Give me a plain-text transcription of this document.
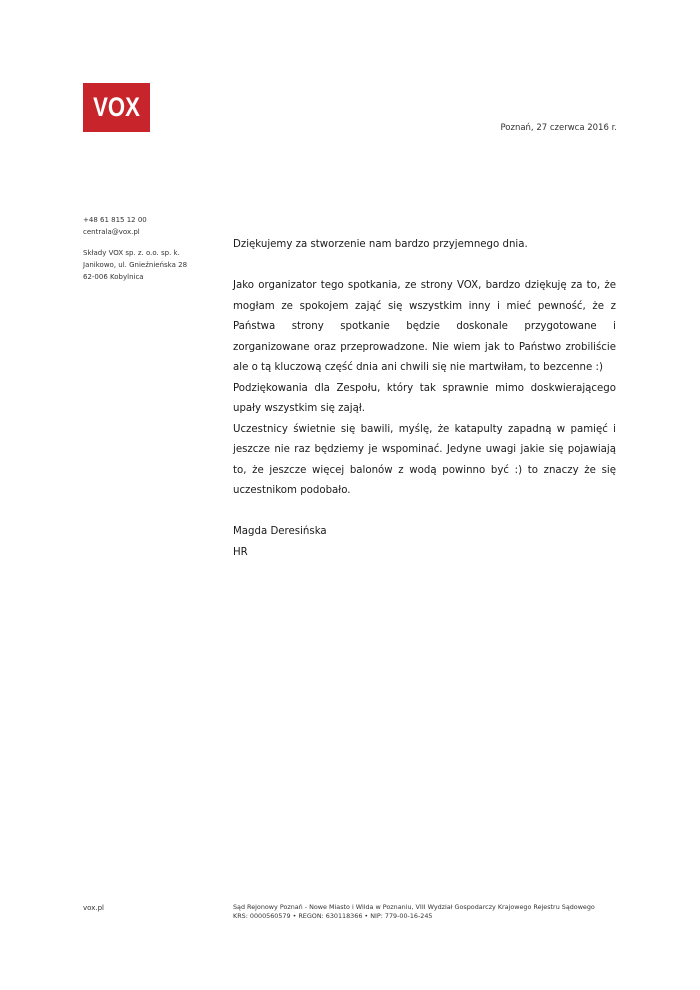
VOX
Poznań, 27 czerwca 2016 r.
+48 61 815 12 00
centrala@vox.pl
Składy VOX sp. z. o.o. sp. k.
Janikowo, ul. Gnieźnieńska 28
62-006 Kobylnica

Dziękujemy za stworzenie nam bardzo przyjemnego dnia.

Jako organizator tego spotkania, ze strony VOX, bardzo dziękuję za to, że mogłam ze spokojem zająć się wszystkim inny i mieć pewność, że z Państwa strony spotkanie będzie doskonale przygotowane i zorganizowane oraz przeprowadzone. Nie wiem jak to Państwo zrobiliście ale o tą kluczową część dnia ani chwili się nie martwiłam, to bezcenne :)

Podziękowania dla Zespołu, który tak sprawnie mimo doskwierającego upały wszystkim się zajął.

Uczestnicy świetnie się bawili, myślę, że katapulty zapadną w pamięć i jeszcze nie raz będziemy je wspominać. Jedyne uwagi jakie się pojawiają to, że jeszcze więcej balonów z wodą powinno być :) to znaczy że się uczestnikom podobało.

Magda Deresińska

HR

vox.pl	Sąd Rejonowy Poznań - Nowe Miasto i Wilda w Poznaniu, VIII Wydział Gospodarczy Krajowego Rejestru Sądowego
KRS: 0000560579 • REGON: 630118366 • NIP: 779-00-16-245
